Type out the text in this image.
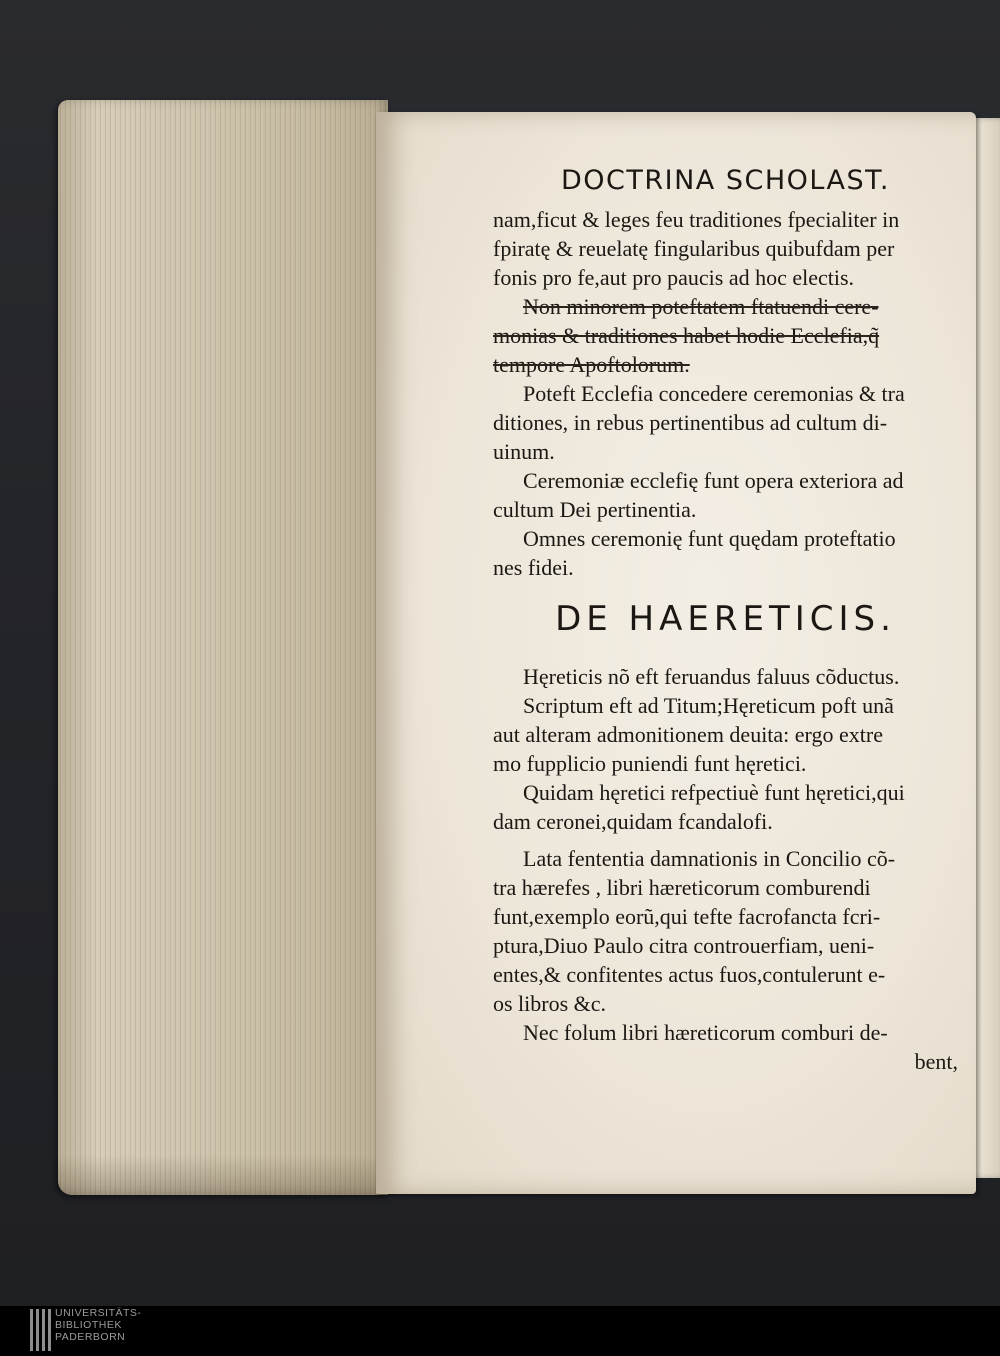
DOCTRINA SCHOLAST.
nam,ficut & leges feu traditiones fpecialiter in
fpiratę & reuelatę fingularibus quibufdam per
fonis pro fe,aut pro paucis ad hoc electis.
Non minorem poteftatem ftatuendi cere-
monias & traditiones habet hodie Ecclefia,q̃
tempore Apoftolorum.
Poteft Ecclefia concedere ceremonias & tra
ditiones, in rebus pertinentibus ad cultum di-
uinum.
Ceremoniæ ecclefię funt opera exteriora ad
cultum Dei pertinentia.
Omnes ceremonię funt quędam proteftatio
nes fidei.
DE HAERETICIS.
Hęreticis nõ eft feruandus faluus cõductus.
Scriptum eft ad Titum;Hęreticum poft unã
aut alteram admonitionem deuita: ergo extre
mo fupplicio puniendi funt hęretici.
Quidam hęretici refpectiuè funt hęretici,qui
dam ceronei,quidam fcandalofi.
Lata fententia damnationis in Concilio cõ-
tra hærefes , libri hæreticorum comburendi
funt,exemplo eorũ,qui tefte facrofancta fcri-
ptura,Diuo Paulo citra controuerfiam, ueni-
entes,& confitentes actus fuos,contulerunt e-
os libros &c.
Nec folum libri hæreticorum comburi de-
bent,
UNIVERSITÄTS-
BIBLIOTHEK
PADERBORN
